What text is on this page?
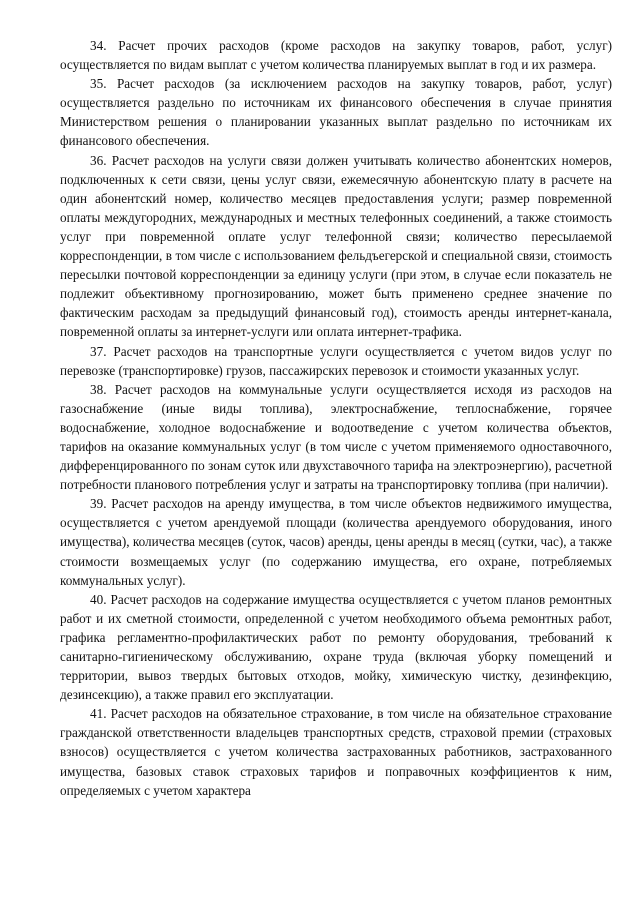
34. Расчет прочих расходов (кроме расходов на закупку товаров, работ, услуг) осуществляется по видам выплат с учетом количества планируемых выплат в год и их размера.

35. Расчет расходов (за исключением расходов на закупку товаров, работ, услуг) осуществляется раздельно по источникам их финансового обеспечения в случае принятия Министерством решения о планировании указанных выплат раздельно по источникам их финансового обеспечения.

36. Расчет расходов на услуги связи должен учитывать количество абонентских номеров, подключенных к сети связи, цены услуг связи, ежемесячную абонентскую плату в расчете на один абонентский номер, количество месяцев предоставления услуги; размер повременной оплаты междугородних, международных и местных телефонных соединений, а также стоимость услуг при повременной оплате услуг телефонной связи; количество пересылаемой корреспонденции, в том числе с использованием фельдъегерской и специальной связи, стоимость пересылки почтовой корреспонденции за единицу услуги (при этом, в случае если показатель не подлежит объективному прогнозированию, может быть применено среднее значение по фактическим расходам за предыдущий финансовый год), стоимость аренды интернет-канала, повременной оплаты за интернет-услуги или оплата интернет-трафика.

37. Расчет расходов на транспортные услуги осуществляется с учетом видов услуг по перевозке (транспортировке) грузов, пассажирских перевозок и стоимости указанных услуг.

38. Расчет расходов на коммунальные услуги осуществляется исходя из расходов на газоснабжение (иные виды топлива), электроснабжение, теплоснабжение, горячее водоснабжение, холодное водоснабжение и водоотведение с учетом количества объектов, тарифов на оказание коммунальных услуг (в том числе с учетом применяемого одноставочного, дифференцированного по зонам суток или двухставочного тарифа на электроэнергию), расчетной потребности планового потребления услуг и затраты на транспортировку топлива (при наличии).

39. Расчет расходов на аренду имущества, в том числе объектов недвижимого имущества, осуществляется с учетом арендуемой площади (количества арендуемого оборудования, иного имущества), количества месяцев (суток, часов) аренды, цены аренды в месяц (сутки, час), а также стоимости возмещаемых услуг (по содержанию имущества, его охране, потребляемых коммунальных услуг).

40. Расчет расходов на содержание имущества осуществляется с учетом планов ремонтных работ и их сметной стоимости, определенной с учетом необходимого объема ремонтных работ, графика регламентно-профилактических работ по ремонту оборудования, требований к санитарно-гигиеническому обслуживанию, охране труда (включая уборку помещений и территории, вывоз твердых бытовых отходов, мойку, химическую чистку, дезинфекцию, дезинсекцию), а также правил его эксплуатации.

41. Расчет расходов на обязательное страхование, в том числе на обязательное страхование гражданской ответственности владельцев транспортных средств, страховой премии (страховых взносов) осуществляется с учетом количества застрахованных работников, застрахованного имущества, базовых ставок страховых тарифов и поправочных коэффициентов к ним, определяемых с учетом характера
